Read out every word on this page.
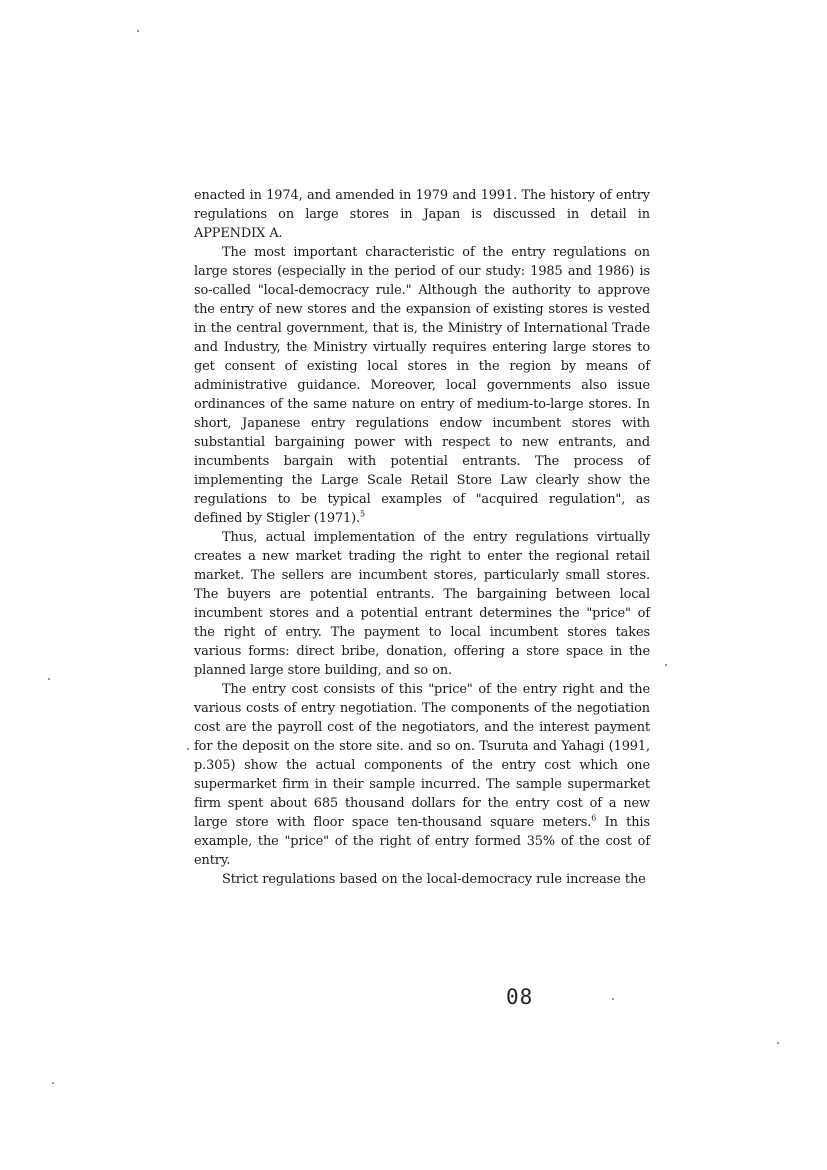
enacted in 1974, and amended in 1979 and 1991. The history of entry regulations on large stores in Japan is discussed in detail in APPENDIX A.

The most important characteristic of the entry regulations on large stores (especially in the period of our study: 1985 and 1986) is so-called "local-democracy rule." Although the authority to approve the entry of new stores and the expansion of existing stores is vested in the central government, that is, the Ministry of International Trade and Industry, the Ministry virtually requires entering large stores to get consent of existing local stores in the region by means of administrative guidance. Moreover, local governments also issue ordinances of the same nature on entry of medium-to-large stores. In short, Japanese entry regulations endow incumbent stores with substantial bargaining power with respect to new entrants, and incumbents bargain with potential entrants. The process of implementing the Large Scale Retail Store Law clearly show the regulations to be typical examples of "acquired regulation", as defined by Stigler (1971).$^5$

Thus, actual implementation of the entry regulations virtually creates a new market trading the right to enter the regional retail market. The sellers are incumbent stores, particularly small stores. The buyers are potential entrants. The bargaining between local incumbent stores and a potential entrant determines the "price" of the right of entry. The payment to local incumbent stores takes various forms: direct bribe, donation, offering a store space in the planned large store building, and so on.

The entry cost consists of this "price" of the entry right and the various costs of entry negotiation. The components of the negotiation cost are the payroll cost of the negotiators, and the interest payment for the deposit on the store site. and so on. Tsuruta and Yahagi (1991, p.305) show the actual components of the entry cost which one supermarket firm in their sample incurred. The sample supermarket firm spent about 685 thousand dollars for the entry cost of a new large store with floor space ten-thousand square meters.$^6$ In this example, the "price" of the right of entry formed 35% of the cost of entry.

Strict regulations based on the local-democracy rule increase the

08
